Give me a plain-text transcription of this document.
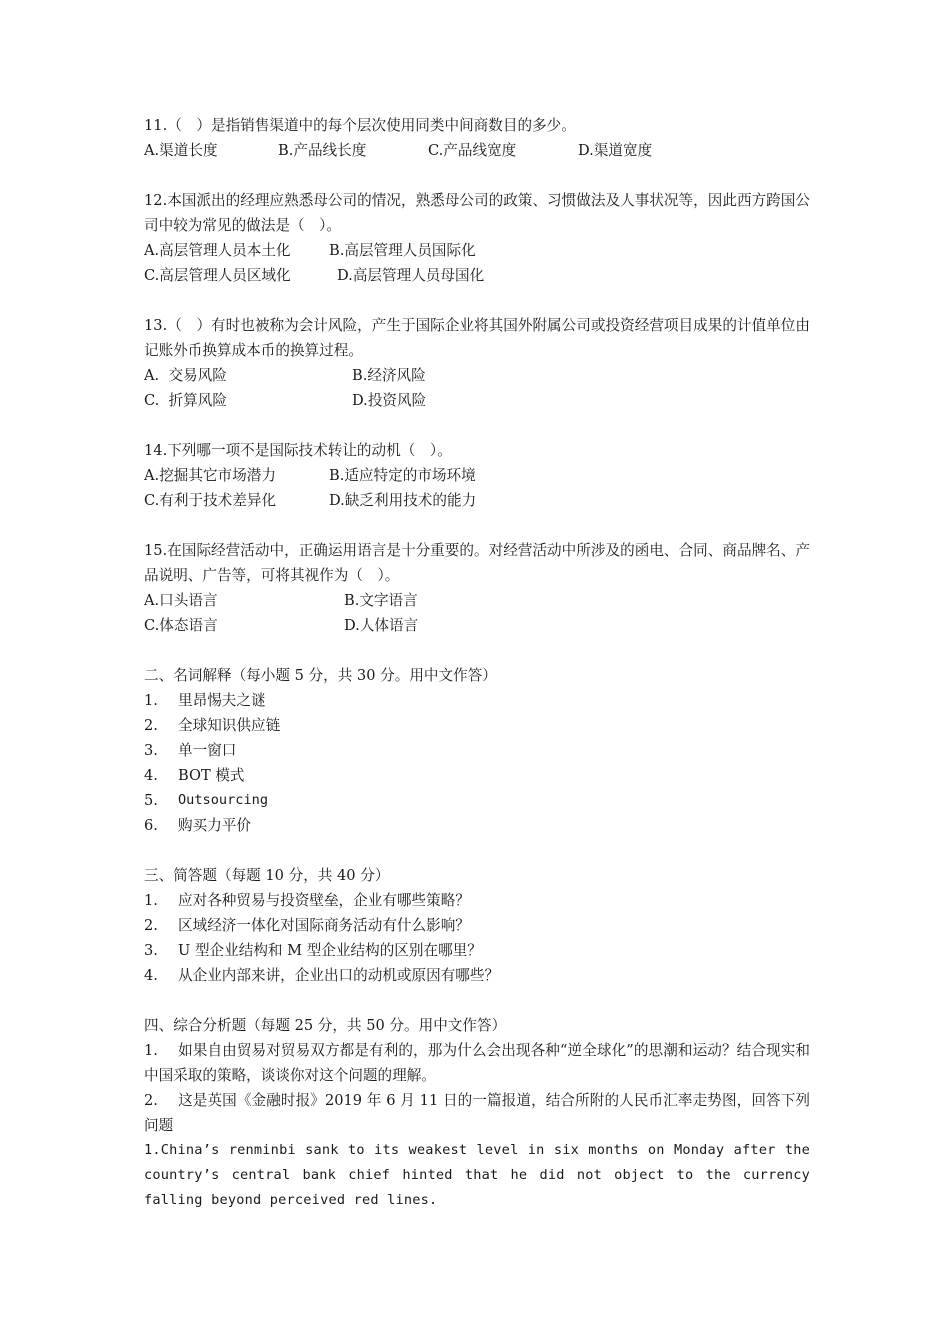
11.（　）是指销售渠道中的每个层次使用同类中间商数目的多少。
A.渠道长度	B.产品线长度	C.产品线宽度	D.渠道宽度
12.本国派出的经理应熟悉母公司的情况，熟悉母公司的政策、习惯做法及人事状况等，因此西方跨国公司中较为常见的做法是（　）。
A.高层管理人员本土化	B.高层管理人员国际化
C.高层管理人员区域化	D.高层管理人员母国化
13.（　）有时也被称为会计风险，产生于国际企业将其国外附属公司或投资经营项目成果的计值单位由记账外币换算成本币的换算过程。
A.  交易风险	B.经济风险
C.  折算风险	D.投资风险
14.下列哪一项不是国际技术转让的动机（　）。
A.挖掘其它市场潜力	B.适应特定的市场环境
C.有利于技术差异化	D.缺乏利用技术的能力
15.在国际经营活动中，正确运用语言是十分重要的。对经营活动中所涉及的函电、合同、商品牌名、产品说明、广告等，可将其视作为（　）。
A.口头语言	B.文字语言
C.体态语言	D.人体语言
二、名词解释（每小题 5 分，共 30 分。用中文作答）
1.	里昂惕夫之谜
2.	全球知识供应链
3.	单一窗口
4.	BOT 模式
5.	Outsourcing
6.	购买力平价
三、简答题（每题 10 分，共 40 分）
1.	应对各种贸易与投资壁垒，企业有哪些策略？
2.	区域经济一体化对国际商务活动有什么影响？
3.	U 型企业结构和 M 型企业结构的区别在哪里？
4.	从企业内部来讲，企业出口的动机或原因有哪些？
四、综合分析题（每题 25 分，共 50 分。用中文作答）
1. 如果自由贸易对贸易双方都是有利的，那为什么会出现各种“逆全球化”的思潮和运动？结合现实和中国采取的策略，谈谈你对这个问题的理解。
2. 这是英国《金融时报》2019 年 6 月 11 日的一篇报道，结合所附的人民币汇率走势图，回答下列问题
1.China’s renminbi sank to its weakest level in six months on Monday after the country’s central bank chief hinted that he did not object to the currency falling beyond perceived red lines.
